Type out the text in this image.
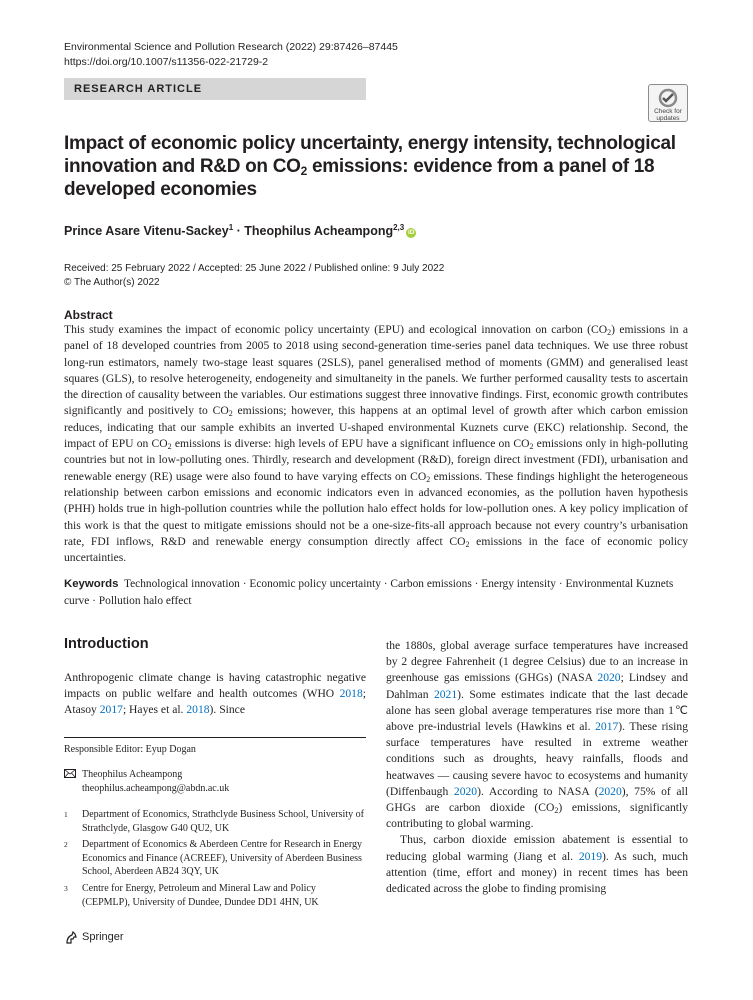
Environmental Science and Pollution Research (2022) 29:87426–87445
https://doi.org/10.1007/s11356-022-21729-2
RESEARCH ARTICLE
Check for
updates
Impact of economic policy uncertainty, energy intensity, technological innovation and R&D on $CO_2$ emissions: evidence from a panel of 18 developed economies
Prince Asare Vitenu-Sackey$^1$ · Theophilus Acheampong$^{2,3}$iD
Received: 25 February 2022 / Accepted: 25 June 2022 / Published online: 9 July 2022
© The Author(s) 2022
Abstract

This study examines the impact of economic policy uncertainty (EPU) and ecological innovation on carbon $(CO_2)$ emissions in a panel of 18 developed countries from 2005 to 2018 using second-generation time-series panel data techniques. We use three robust long-run estimators, namely two-stage least squares (2SLS), panel generalised method of moments (GMM) and generalised least squares (GLS), to resolve heterogeneity, endogeneity and simultaneity in the panels. We further performed causality tests to ascertain the direction of causality between the variables. Our estimations suggest three innovative findings. First, economic growth contributes significantly and positively to $CO_2$ emissions; however, this happens at an optimal level of growth after which carbon emission reduces, indicating that our sample exhibits an inverted U-shaped environmental Kuznets curve (EKC) relationship. Second, the impact of EPU on $CO_2$ emissions is diverse: high levels of EPU have a significant influence on $CO_2$ emissions only in high-polluting countries but not in low-polluting ones. Thirdly, research and development (R&D), foreign direct investment (FDI), urbanisation and renewable energy (RE) usage were also found to have varying effects on $CO_2$ emissions. These findings highlight the heterogeneous relationship between carbon emissions and economic indicators even in advanced economies, as the pollution haven hypothesis (PHH) holds true in high-pollution countries while the pollution halo effect holds for low-pollution ones. A key policy implication of this work is that the quest to mitigate emissions should not be a one-size-fits-all approach because not every country’s urbanisation rate, FDI inflows, R&D and renewable energy consumption directly affect $CO_2$ emissions in the face of economic policy uncertainties.

Keywords Technological innovation · Economic policy uncertainty · Carbon emissions · Energy intensity · Environmental Kuznets curve · Pollution halo effect
Introduction

Anthropogenic climate change is having catastrophic negative impacts on public welfare and health outcomes (WHO 2018; Atasoy 2017; Hayes et al. 2018). Since

Responsible Editor: Eyup Dogan
Theophilus Acheampong
theophilus.acheampong@abdn.ac.uk
1 Department of Economics, Strathclyde Business School, University of Strathclyde, Glasgow G40 QU2, UK
2 Department of Economics & Aberdeen Centre for Research in Energy Economics and Finance (ACREEF), University of Aberdeen Business School, Aberdeen AB24 3QY, UK
3 Centre for Energy, Petroleum and Mineral Law and Policy (CEPMLP), University of Dundee, Dundee DD1 4HN, UK

the 1880s, global average surface temperatures have increased by 2 degree Fahrenheit (1 degree Celsius) due to an increase in greenhouse gas emissions (GHGs) (NASA 2020; Lindsey and Dahlman 2021). Some estimates indicate that the last decade alone has seen global average temperatures rise more than 1℃ above pre-industrial levels (Hawkins et al. 2017). These rising surface temperatures have resulted in extreme weather conditions such as droughts, heavy rainfalls, floods and heatwaves — causing severe havoc to ecosystems and humanity (Diffenbaugh 2020). According to NASA (2020), 75% of all GHGs are carbon dioxide $(CO_2)$ emissions, significantly contributing to global warming.

Thus, carbon dioxide emission abatement is essential to reducing global warming (Jiang et al. 2019). As such, much attention (time, effort and money) in recent times has been dedicated across the globe to finding promising

Springer
